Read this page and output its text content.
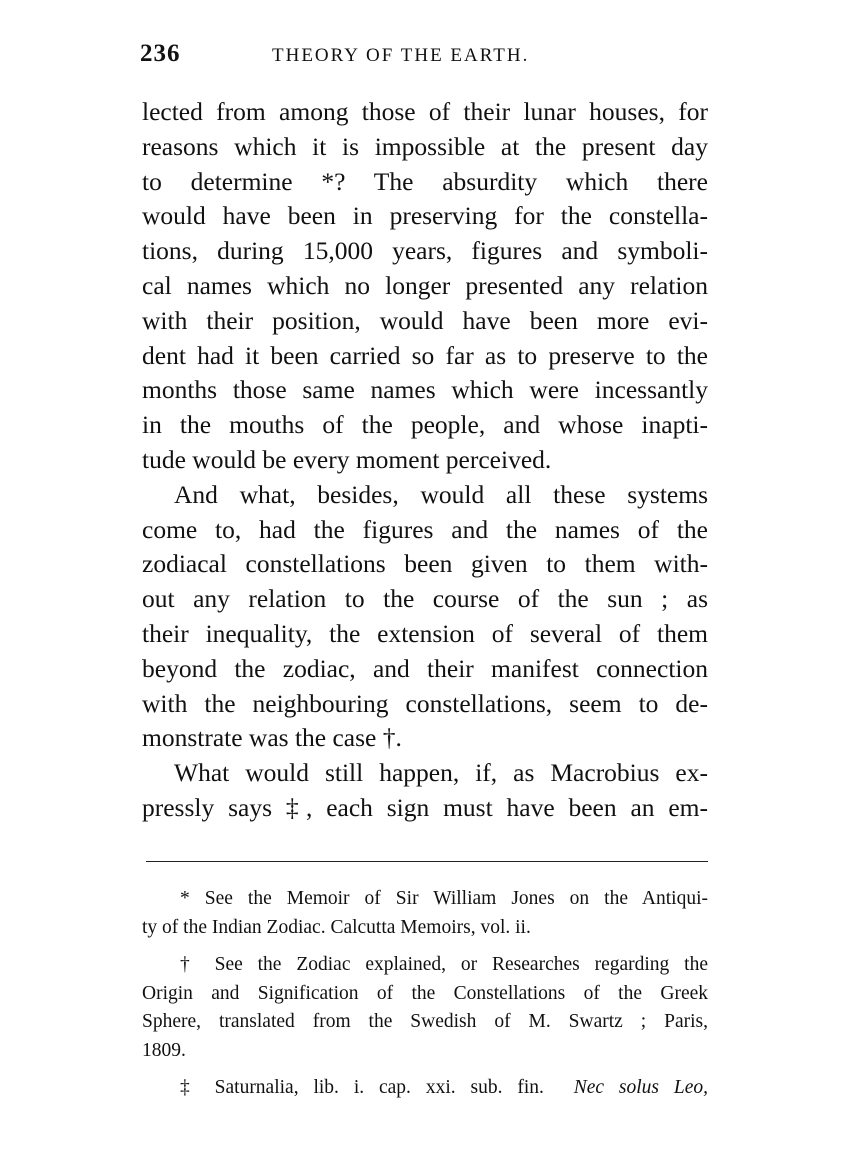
236	THEORY OF THE EARTH.
lected from among those of their lunar houses, for
reasons which it is impossible at the present day
to determine *? The absurdity which there
would have been in preserving for the constella-
tions, during 15,000 years, figures and symboli-
cal names which no longer presented any relation
with their position, would have been more evi-
dent had it been carried so far as to preserve to the
months those same names which were incessantly
in the mouths of the people, and whose inapti-
tude would be every moment perceived.
And what, besides, would all these systems
come to, had the figures and the names of the
zodiacal constellations been given to them with-
out any relation to the course of the sun ; as
their inequality, the extension of several of them
beyond the zodiac, and their manifest connection
with the neighbouring constellations, seem to de-
monstrate was the case †.
What would still happen, if, as Macrobius ex-
pressly says ‡, each sign must have been an em-
* See the Memoir of Sir William Jones on the Antiqui-
ty of the Indian Zodiac. Calcutta Memoirs, vol. ii.
† See the Zodiac explained, or Researches regarding the
Origin and Signification of the Constellations of the Greek
Sphere, translated from the Swedish of M. Swartz ; Paris,
1809.
‡ Saturnalia, lib. i. cap. xxi. sub. fin. Nec solus Leo,
